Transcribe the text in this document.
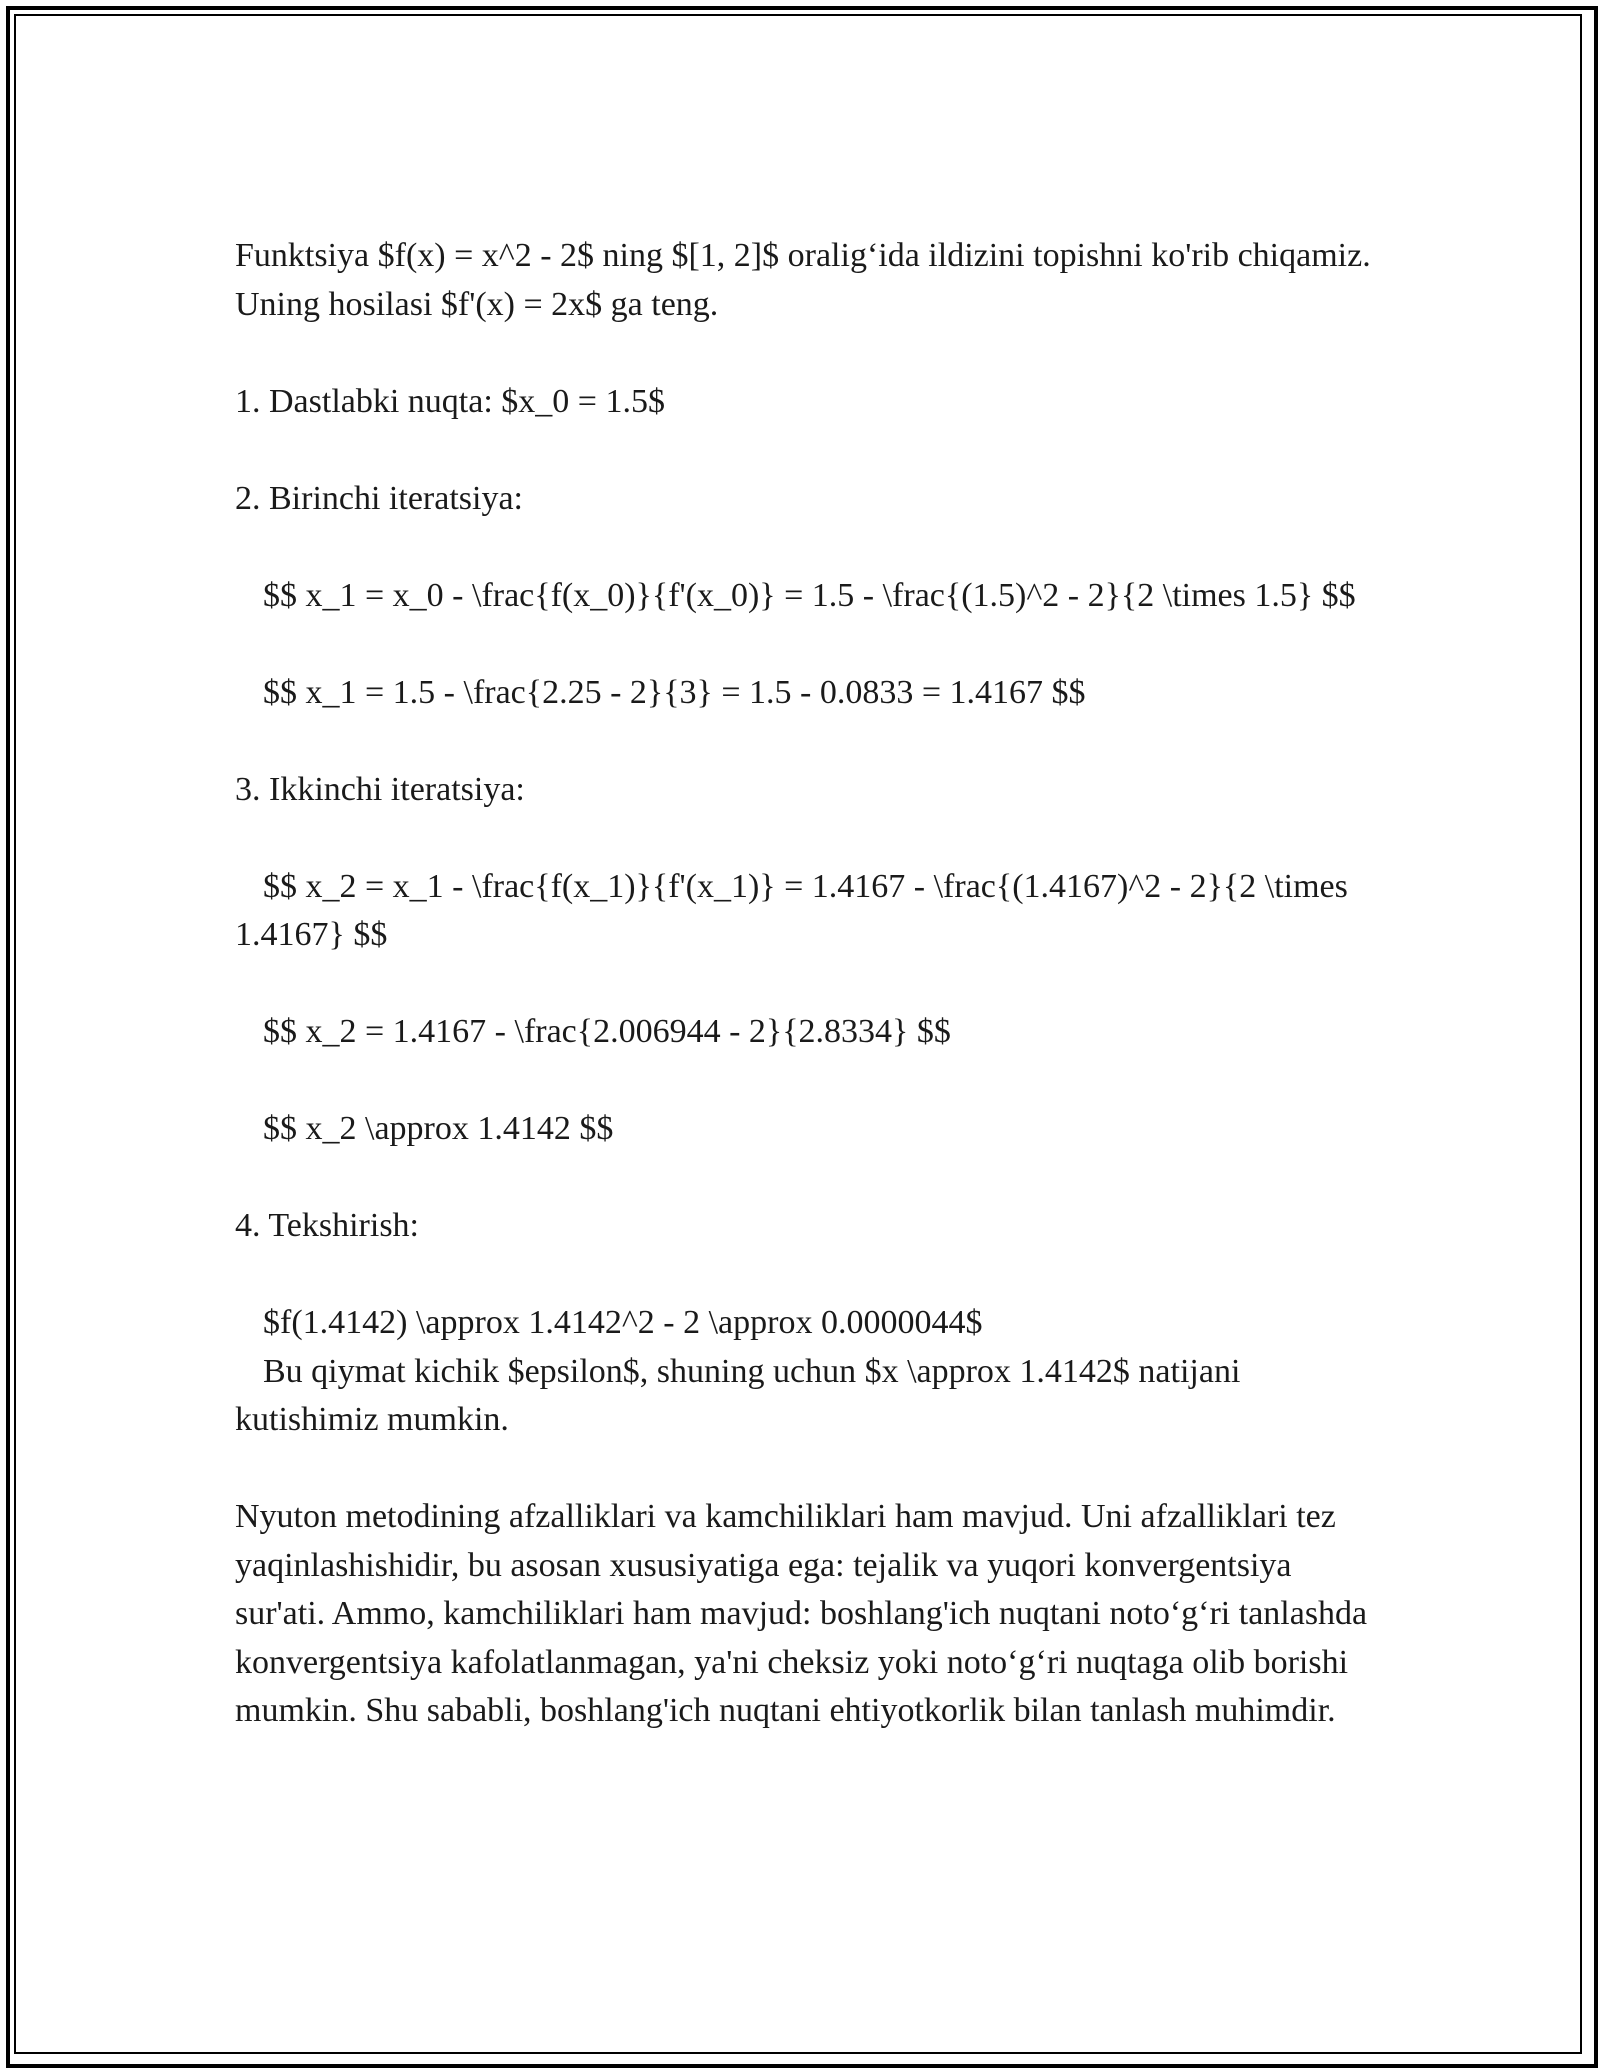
Funktsiya $f(x) = x^2 - 2$ ning $[1, 2]$ oralig‘ida ildizini topishni ko'rib chiqamiz. Uning hosilasi $f'(x) = 2x$ ga teng.

1. Dastlabki nuqta: $x_0 = 1.5$

2. Birinchi iteratsiya:

$$ x_1 = x_0 - \frac{f(x_0)}{f'(x_0)} = 1.5 - \frac{(1.5)^2 - 2}{2 \times 1.5} $$

$$ x_1 = 1.5 - \frac{2.25 - 2}{3} = 1.5 - 0.0833 = 1.4167 $$

3. Ikkinchi iteratsiya:

$$ x_2 = x_1 - \frac{f(x_1)}{f'(x_1)} = 1.4167 - \frac{(1.4167)^2 - 2}{2 \times 1.4167} $$

$$ x_2 = 1.4167 - \frac{2.006944 - 2}{2.8334} $$

$$ x_2 \approx 1.4142 $$

4. Tekshirish:

$f(1.4142) \approx 1.4142^2 - 2 \approx 0.0000044$

Bu qiymat kichik $epsilon$, shuning uchun $x \approx 1.4142$ natijani kutishimiz mumkin.

Nyuton metodining afzalliklari va kamchiliklari ham mavjud. Uni afzalliklari tez yaqinlashishidir, bu asosan xususiyatiga ega: tejalik va yuqori konvergentsiya sur'ati. Ammo, kamchiliklari ham mavjud: boshlang'ich nuqtani noto‘g‘ri tanlashda konvergentsiya kafolatlanmagan, ya'ni cheksiz yoki noto‘g‘ri nuqtaga olib borishi mumkin. Shu sababli, boshlang'ich nuqtani ehtiyotkorlik bilan tanlash muhimdir.
